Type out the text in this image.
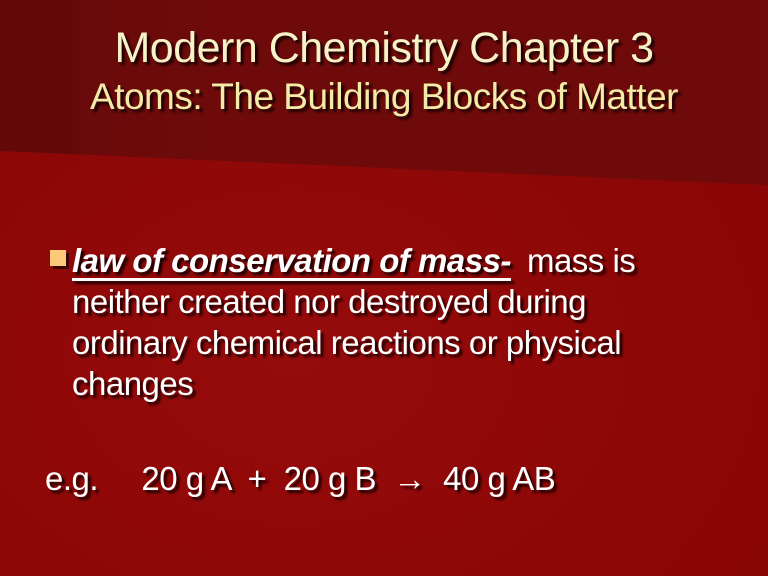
Modern Chemistry Chapter 3
Atoms: The Building Blocks of Matter
law of conservation of mass- mass is
neither created nor destroyed during
ordinary chemical reactions or physical
changes
e.g.     20 g A  +  20 g B  →  40 g AB
